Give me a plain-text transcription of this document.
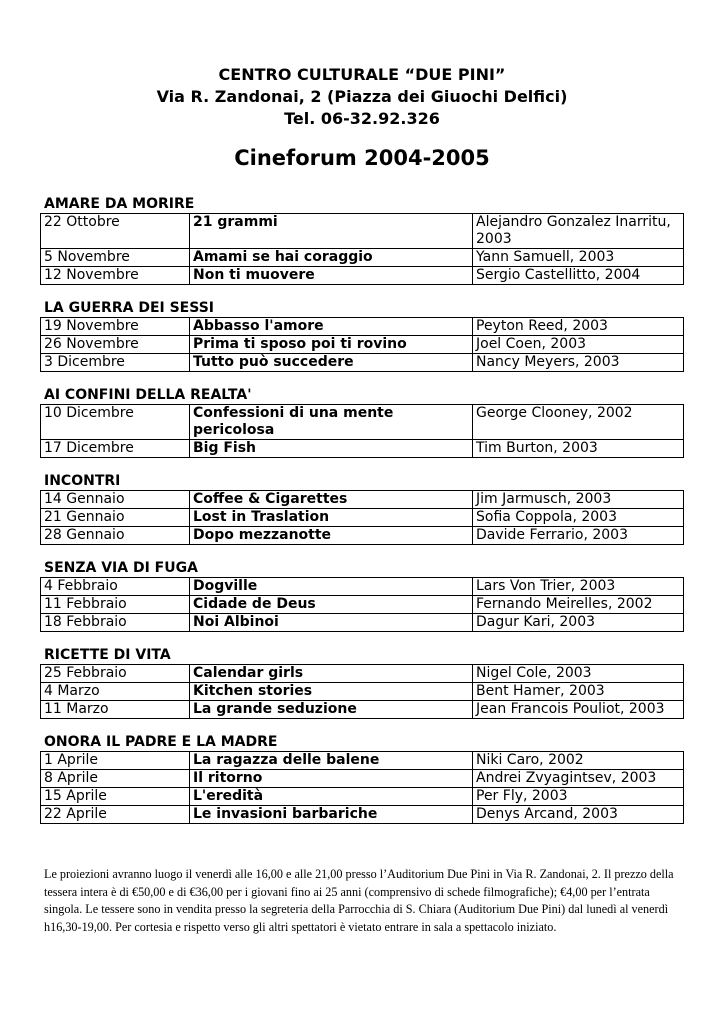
CENTRO CULTURALE “DUE PINI”
Via R. Zandonai, 2 (Piazza dei Giuochi Delfici)
Tel. 06-32.92.326
Cineforum 2004-2005
AMARE DA MORIRE
22 Ottobre	21 grammi	Alejandro Gonzalez Inarritu, 2003
5 Novembre	Amami se hai coraggio	Yann Samuell, 2003
12 Novembre	Non ti muovere	Sergio Castellitto, 2004
LA GUERRA DEI SESSI
19 Novembre	Abbasso l'amore	Peyton Reed, 2003
26 Novembre	Prima ti sposo poi ti rovino	Joel Coen, 2003
3 Dicembre	Tutto può succedere	Nancy Meyers, 2003
AI CONFINI DELLA REALTA'
10 Dicembre	Confessioni di una mente pericolosa	George Clooney, 2002
17 Dicembre	Big Fish	Tim Burton, 2003
INCONTRI
14 Gennaio	Coffee & Cigarettes	Jim Jarmusch, 2003
21 Gennaio	Lost in Traslation	Sofia Coppola, 2003
28 Gennaio	Dopo mezzanotte	Davide Ferrario, 2003
SENZA VIA DI FUGA
4 Febbraio	Dogville	Lars Von Trier, 2003
11 Febbraio	Cidade de Deus	Fernando Meirelles, 2002
18 Febbraio	Noi Albinoi	Dagur Kari, 2003
RICETTE DI VITA
25 Febbraio	Calendar girls	Nigel Cole, 2003
4 Marzo	Kitchen stories	Bent Hamer, 2003
11 Marzo	La grande seduzione	Jean Francois Pouliot, 2003
ONORA IL PADRE E LA MADRE
1 Aprile	La ragazza delle balene	Niki Caro, 2002
8 Aprile	Il ritorno	Andrei Zvyagintsev, 2003
15 Aprile	L'eredità	Per Fly, 2003
22 Aprile	Le invasioni barbariche	Denys Arcand, 2003
Le proiezioni avranno luogo il venerdì alle 16,00 e alle 21,00 presso l’Auditorium Due Pini in Via R. Zandonai, 2. Il prezzo della tessera intera è di €50,00 e di €36,00 per i giovani fino ai 25 anni (comprensivo di schede filmografiche); €4,00 per l’entrata singola. Le tessere sono in vendita presso la segreteria della Parrocchia di S. Chiara (Auditorium Due Pini) dal lunedì al venerdì h16,30-19,00. Per cortesia e rispetto verso gli altri spettatori è vietato entrare in sala a spettacolo iniziato.
